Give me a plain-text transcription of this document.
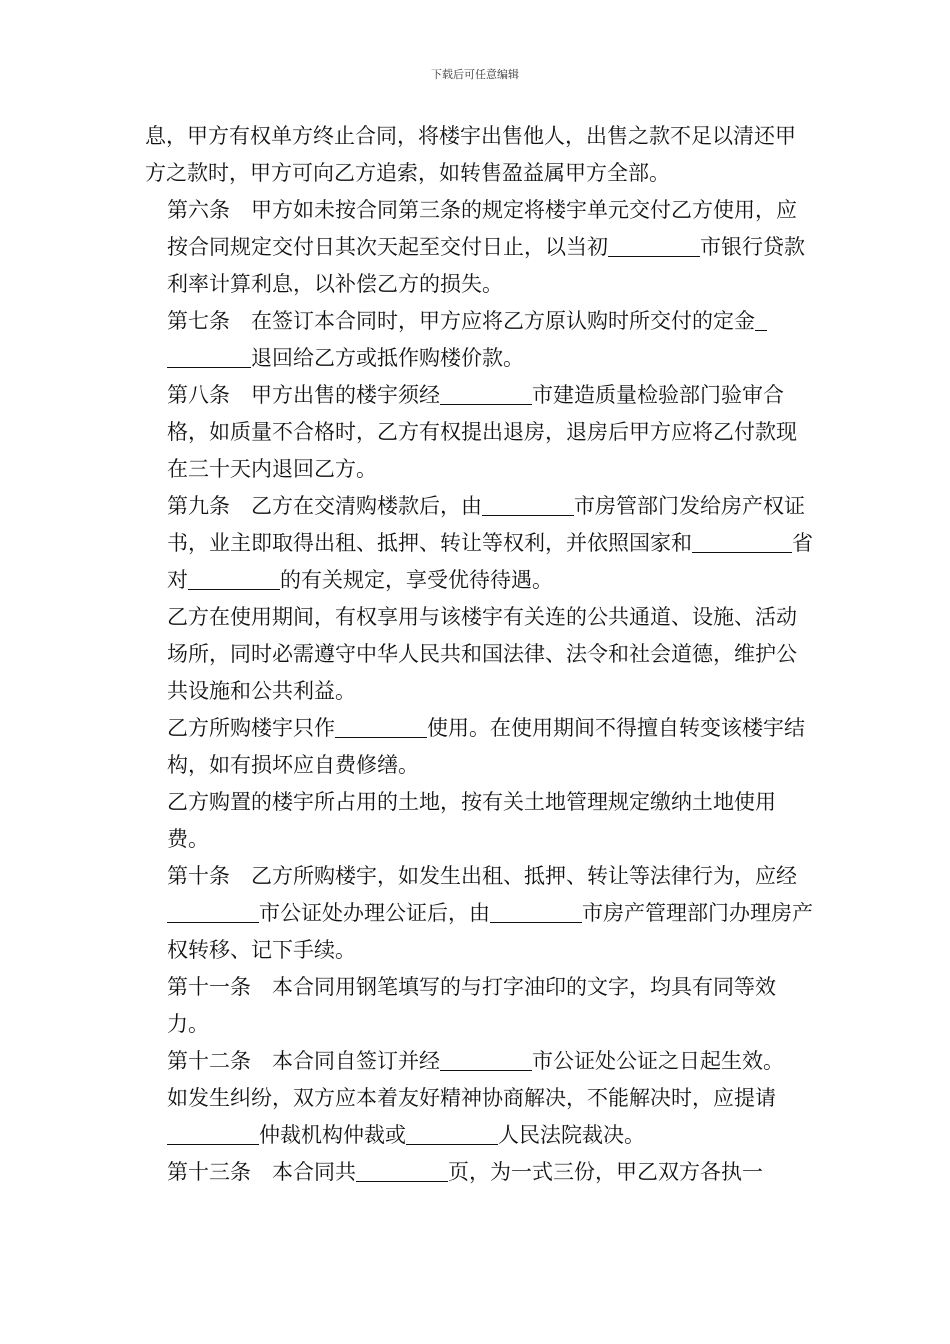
下载后可任意编辑

息，甲方有权单方终止合同，将楼宇出售他人，出售之款不足以清还甲方之款时，甲方可向乙方追索，如转售盈益属甲方全部。

第六条　甲方如未按合同第三条的规定将楼宇单元交付乙方使用，应按合同规定交付日其次天起至交付日止，以当初	市银行贷款利率计算利息，以补偿乙方的损失。

第七条　在签订本合同时，甲方应将乙方原认购时所交付的定金退回给乙方或抵作购楼价款。

第八条　甲方出售的楼宇须经	市建造质量检验部门验审合格，如质量不合格时，乙方有权提出退房，退房后甲方应将乙付款现在三十天内退回乙方。

第九条　乙方在交清购楼款后，由	市房管部门发给房产权证书，业主即取得出租、抵押、转让等权利，并依照国家和	省对	的有关规定，享受优待待遇。

乙方在使用期间，有权享用与该楼宇有关连的公共通道、设施、活动场所，同时必需遵守中华人民共和国法律、法令和社会道德，维护公共设施和公共利益。

乙方所购楼宇只作	使用。在使用期间不得擅自转变该楼宇结构，如有损坏应自费修缮。

乙方购置的楼宇所占用的土地，按有关土地管理规定缴纳土地使用费。

第十条　乙方所购楼宇，如发生出租、抵押、转让等法律行为，应经市公证处办理公证后，由	市房产管理部门办理房产权转移、记下手续。

第十一条　本合同用钢笔填写的与打字油印的文字，均具有同等效力。

第十二条　本合同自签订并经	市公证处公证之日起生效。

如发生纠纷，双方应本着友好精神协商解决，不能解决时，应提请仲裁机构仲裁或	人民法院裁决。

第十三条　本合同共	页，为一式三份，甲乙双方各执一
